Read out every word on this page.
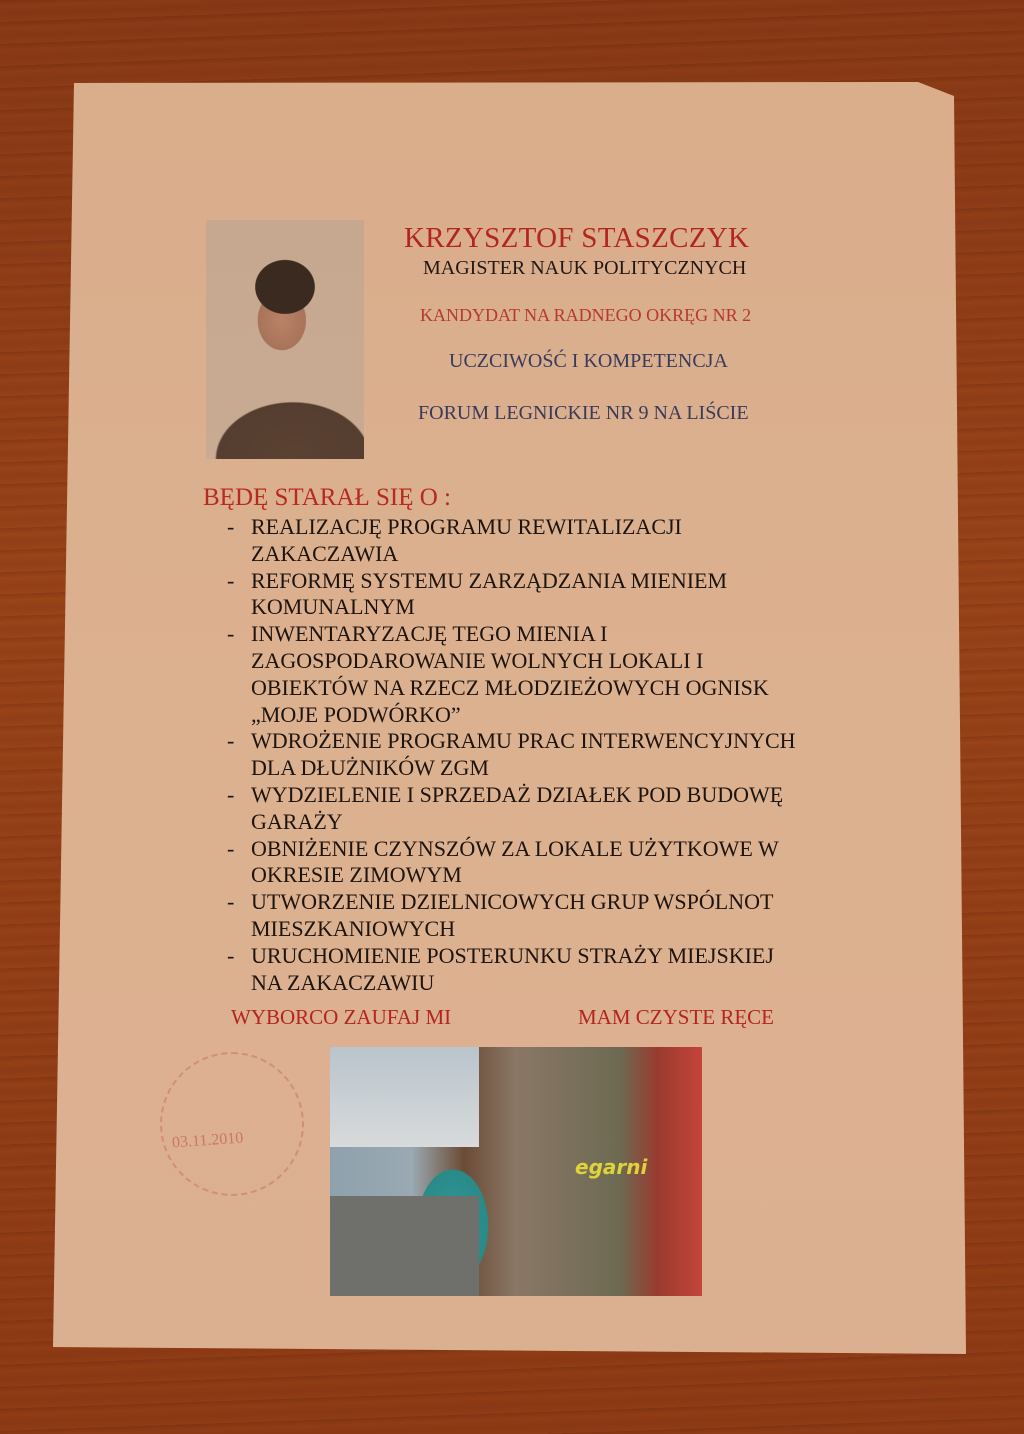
KRZYSZTOF STASZCZYK
MAGISTER NAUK POLITYCZNYCH
KANDYDAT NA RADNEGO OKRĘG NR 2
UCZCIWOŚĆ I KOMPETENCJA
FORUM LEGNICKIE NR 9 NA LIŚCIE
BĘDĘ STARAŁ SIĘ O :
- REALIZACJĘ PROGRAMU REWITALIZACJI
ZAKACZAWIA
- REFORMĘ SYSTEMU ZARZĄDZANIA MIENIEM
KOMUNALNYM
- INWENTARYZACJĘ TEGO MIENIA I
ZAGOSPODAROWANIE WOLNYCH LOKALI I
OBIEKTÓW NA RZECZ MŁODZIEŻOWYCH OGNISK
„MOJE PODWÓRKO”
- WDROŻENIE PROGRAMU PRAC INTERWENCYJNYCH
DLA DŁUŻNIKÓW ZGM
- WYDZIELENIE I SPRZEDAŻ DZIAŁEK POD BUDOWĘ
GARAŻY
- OBNIŻENIE CZYNSZÓW ZA LOKALE UŻYTKOWE W
OKRESIE ZIMOWYM
- UTWORZENIE DZIELNICOWYCH GRUP WSPÓLNOT
MIESZKANIOWYCH
- URUCHOMIENIE POSTERUNKU STRAŻY MIEJSKIEJ
NA ZAKACZAWIU
WYBORCO ZAUFAJ MI	MAM CZYSTE RĘCE
03.11.2010
egarni
